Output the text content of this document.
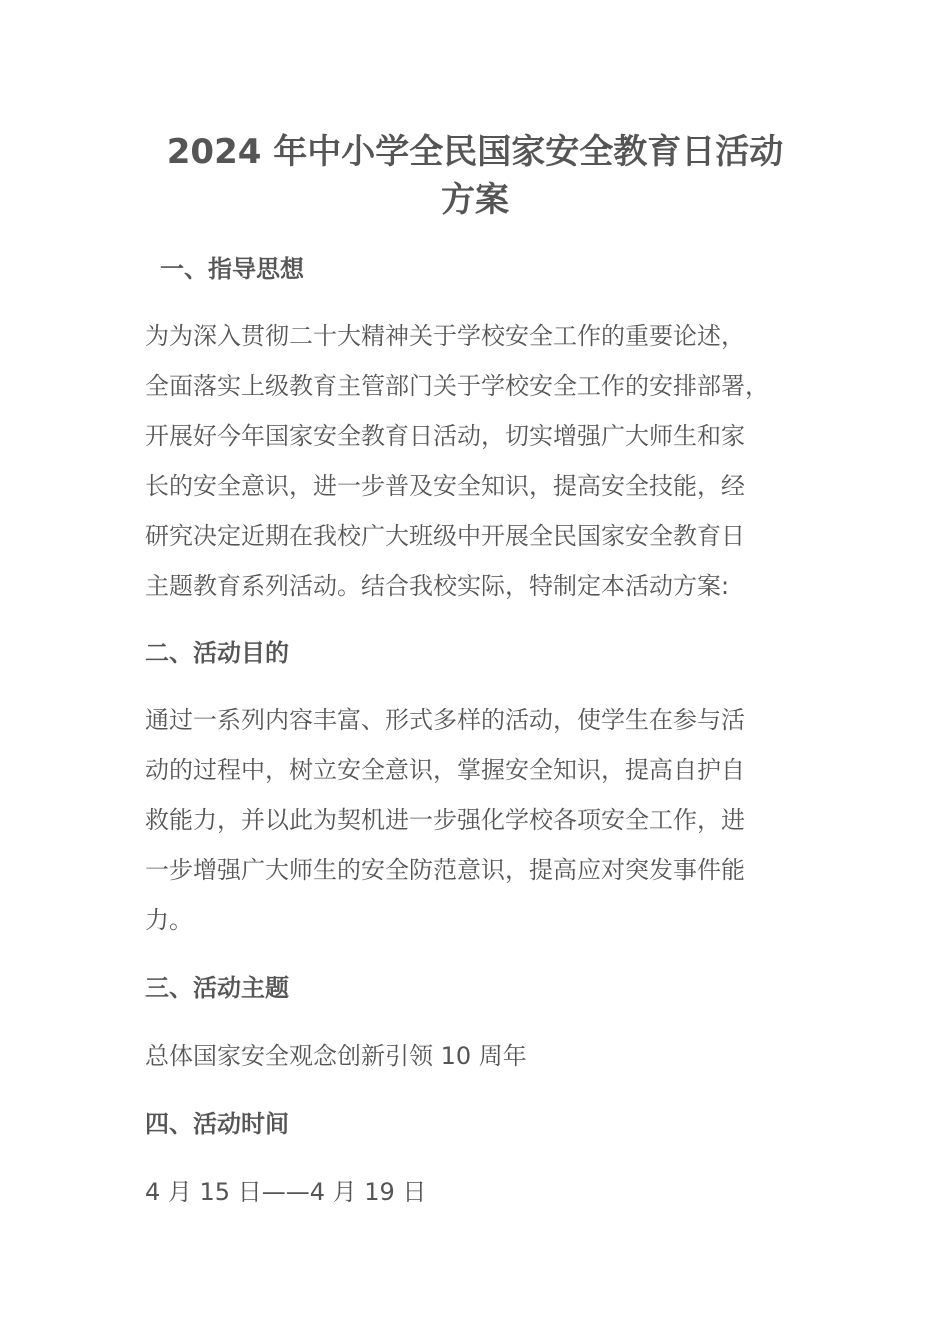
2024 年中小学全民国家安全教育日活动
方案
一、指导思想
为为深入贯彻二十大精神关于学校安全工作的重要论述，
全面落实上级教育主管部门关于学校安全工作的安排部署，
开展好今年国家安全教育日活动，切实增强广大师生和家
长的安全意识，进一步普及安全知识，提高安全技能，经
研究决定近期在我校广大班级中开展全民国家安全教育日
主题教育系列活动。结合我校实际，特制定本活动方案:
二、活动目的
通过一系列内容丰富、形式多样的活动，使学生在参与活
动的过程中，树立安全意识，掌握安全知识，提高自护自
救能力，并以此为契机进一步强化学校各项安全工作，进
一步增强广大师生的安全防范意识，提高应对突发事件能
力。
三、活动主题
总体国家安全观念创新引领 10 周年
四、活动时间
4 月 15 日——4 月 19 日
